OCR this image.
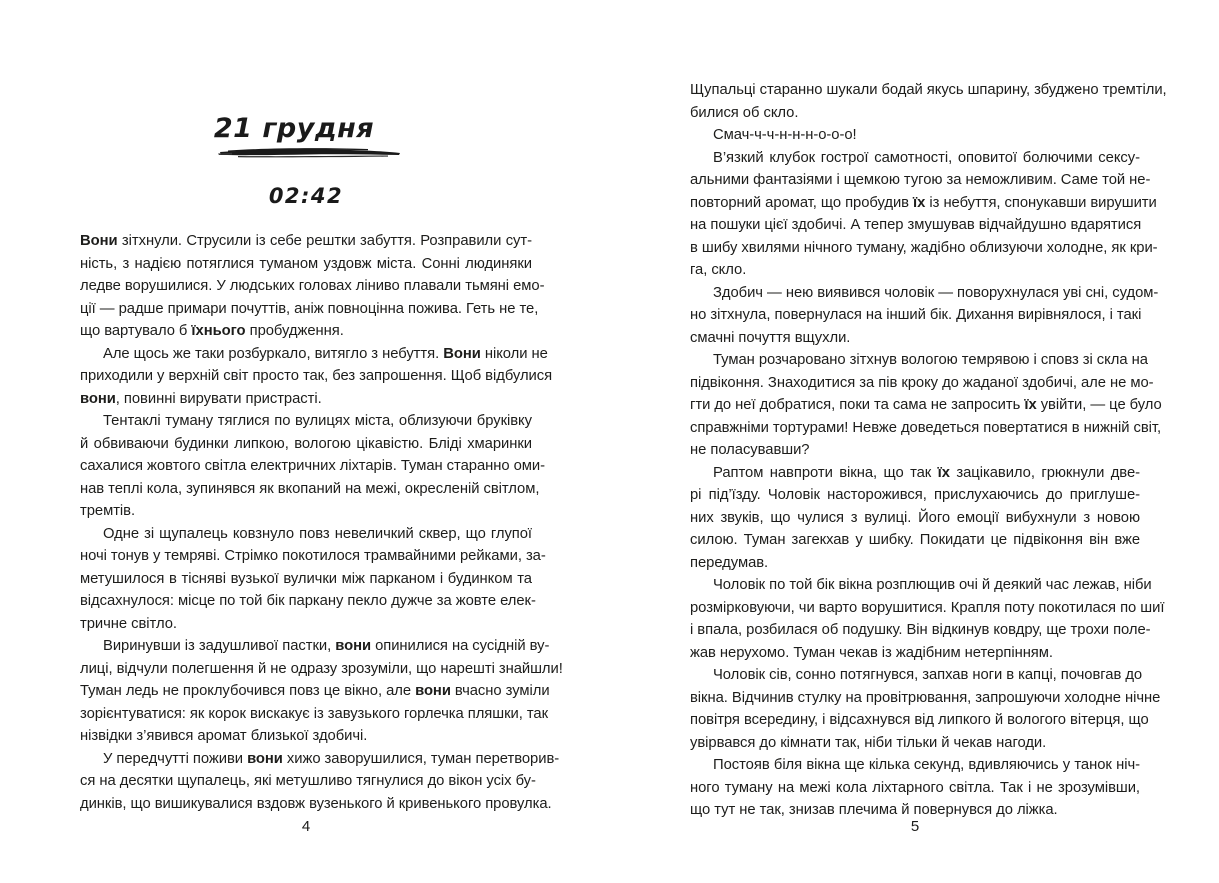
21 грудня
02:42
Вони зітхнули. Струсили із себе рештки забуття. Розправили сут-
ність, з надією потяглися туманом уздовж міста. Сонні людиняки
ледве ворушилися. У людських головах ліниво плавали тьмяні емо-
ції — радше примари почуттів, аніж повноцінна пожива. Геть не те,
що вартувало б їхнього пробудження.
Але щось же таки розбуркало, витягло з небуття. Вони ніколи не
приходили у верхній світ просто так, без запрошення. Щоб відбулися
вони, повинні вирувати пристрасті.
Тентаклі туману тяглися по вулицях міста, облизуючи бруківку
й обвиваючи будинки липкою, вологою цікавістю. Бліді хмаринки
сахалися жовтого світла електричних ліхтарів. Туман старанно оми-
нав теплі кола, зупинявся як вкопаний на межі, окресленій світлом,
тремтів.
Одне зі щупалець ковзнуло повз невеличкий сквер, що глупої
ночі тонув у темряві. Стрімко покотилося трамвайними рейками, за-
метушилося в тісняві вузької вулички між парканом і будинком та
відсахнулося: місце по той бік паркану пекло дужче за жовте елек-
тричне світло.
Виринувши із задушливої пастки, вони опинилися на сусідній ву-
лиці, відчули полегшення й не одразу зрозуміли, що нарешті знайшли!
Туман ледь не проклубочився повз це вікно, але вони вчасно зуміли
зорієнтуватися: як корок вискакує із завузького горлечка пляшки, так
нізвідки з’явився аромат близької здобичі.
У передчутті поживи вони хижо заворушилися, туман перетворив-
ся на десятки щупалець, які метушливо тягнулися до вікон усіх бу-
динків, що вишикувалися вздовж вузенького й кривенького провулка.
4
Щупальці старанно шукали бодай якусь шпарину, збуджено тремтіли,
билися об скло.
Смач-ч-ч-н-н-н-о-о-о!
В’язкий клубок гострої самотності, оповитої болючими сексу-
альними фантазіями і щемкою тугою за неможливим. Саме той не-
повторний аромат, що пробудив їх із небуття, спонукавши вирушити
на пошуки цієї здобичі. А тепер змушував відчайдушно вдарятися
в шибу хвилями нічного туману, жадібно облизуючи холодне, як кри-
га, скло.
Здобич — нею виявився чоловік — поворухнулася уві сні, судом-
но зітхнула, повернулася на інший бік. Дихання вирівнялося, і такі
смачні почуття вщухли.
Туман розчаровано зітхнув вологою темрявою і сповз зі скла на
підвіконня. Знаходитися за пів кроку до жаданої здобичі, але не мо-
гти до неї добратися, поки та сама не запросить їх увійти, — це було
справжніми тортурами! Невже доведеться повертатися в нижній світ,
не поласувавши?
Раптом навпроти вікна, що так їх зацікавило, грюкнули две-
рі під’їзду. Чоловік насторожився, прислухаючись до приглуше-
них звуків, що чулися з вулиці. Його емоції вибухнули з новою
силою. Туман загекхав у шибку. Покидати це підвіконня він вже
передумав.
Чоловік по той бік вікна розплющив очі й деякий час лежав, ніби
розмірковуючи, чи варто ворушитися. Крапля поту покотилася по шиї
і впала, розбилася об подушку. Він відкинув ковдру, ще трохи поле-
жав нерухомо. Туман чекав із жадібним нетерпінням.
Чоловік сів, сонно потягнувся, запхав ноги в капці, почовгав до
вікна. Відчинив стулку на провітрювання, запрошуючи холодне нічне
повітря всередину, і відсахнувся від липкого й вологого вітерця, що
увірвався до кімнати так, ніби тільки й чекав нагоди.
Постояв біля вікна ще кілька секунд, вдивляючись у танок ніч-
ного туману на межі кола ліхтарного світла. Так і не зрозумівши,
що тут не так, знизав плечима й повернувся до ліжка.
5
